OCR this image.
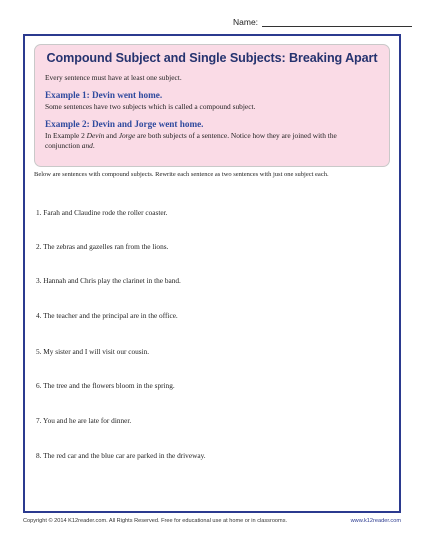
Name:
Compound Subject and Single Subjects: Breaking Apart

Every sentence must have at least one subject.

Example 1: Devin went home.

Some sentences have two subjects which is called a compound subject.

Example 2: Devin and Jorge went home.

In Example 2 Devin and Jorge are both subjects of a sentence. Notice how they are joined with the
conjunction and.

Below are sentences with compound subjects. Rewrite each sentence as two sentences with just one subject each.
1. Farah and Claudine rode the roller coaster.
2. The zebras and gazelles ran from the lions.
3. Hannah and Chris play the clarinet in the band.
4. The teacher and the principal are in the office.
5. My sister and I will visit our cousin.
6. The tree and the flowers bloom in the spring.
7. You and he are late for dinner.
8. The red car and the blue car are parked in the driveway.
Copyright © 2014 K12reader.com. All Rights Reserved. Free for educational use at home or in classrooms.	www.k12reader.com
